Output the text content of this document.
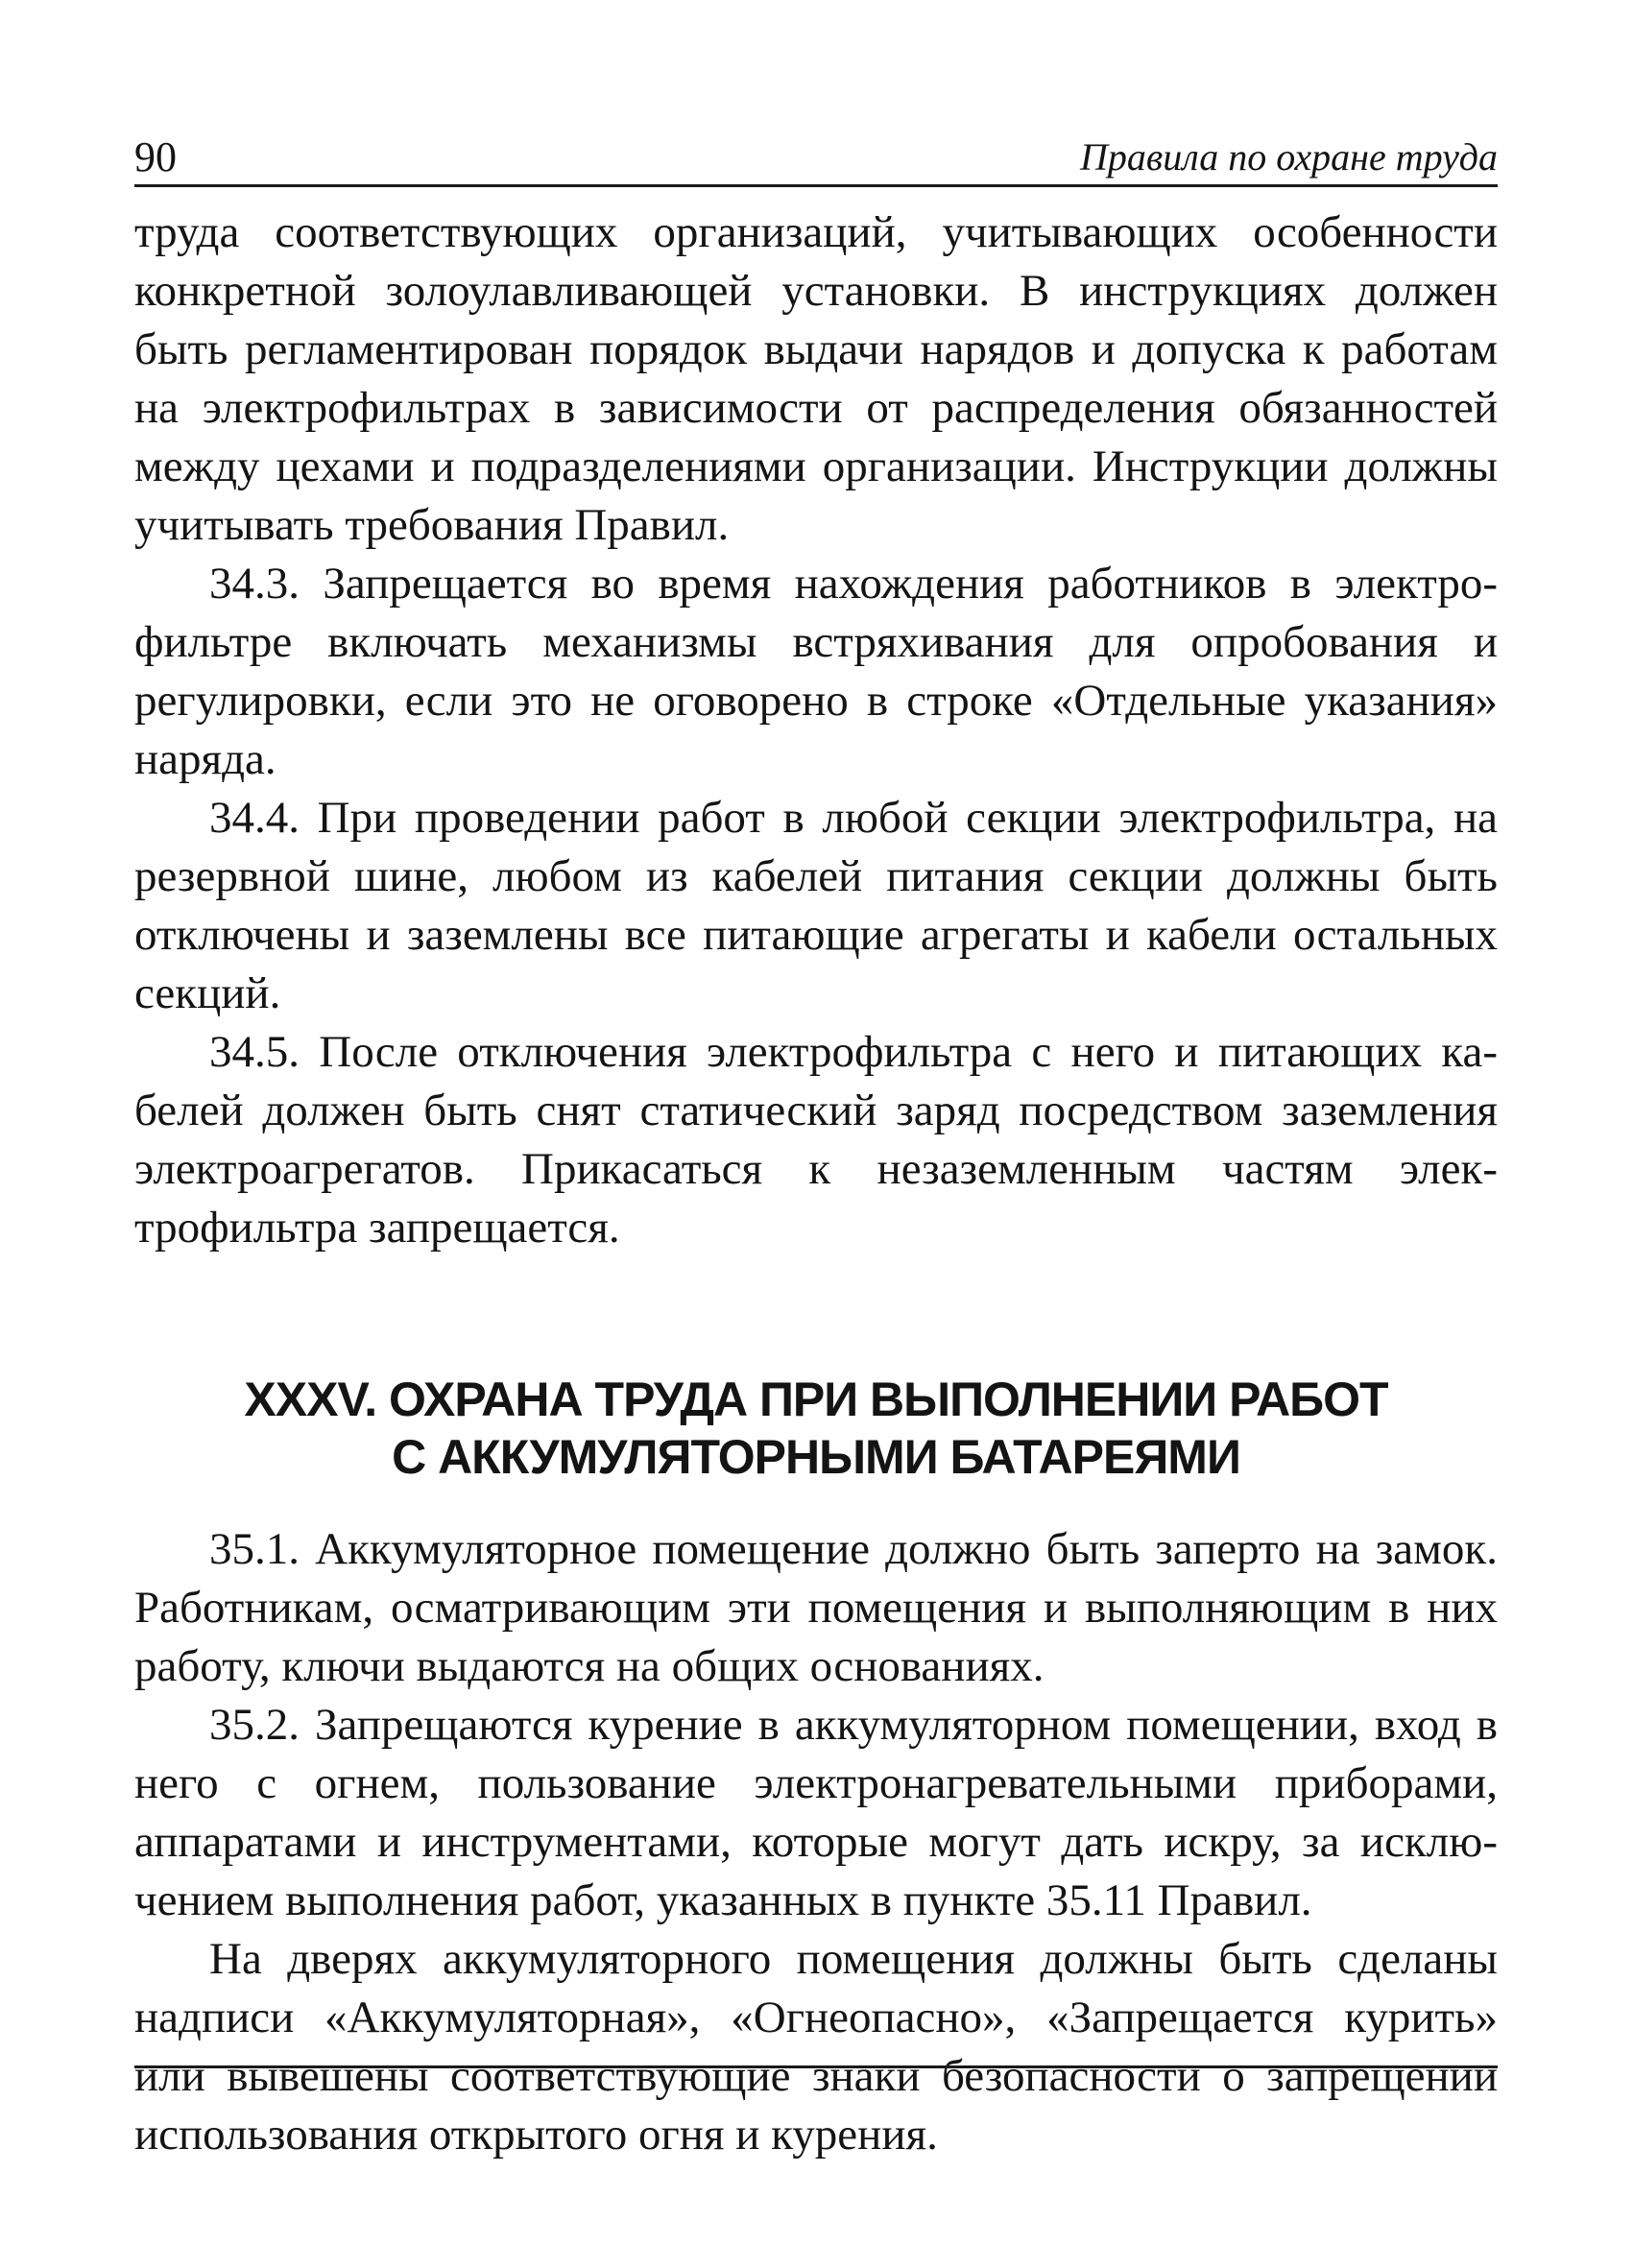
90	Правила по охране труда

труда соответствующих организаций, учитывающих особенности конкретной золоулавливающей установки. В инструкциях должен быть регламентирован порядок выдачи нарядов и допуска к работам на электрофильтрах в зависимости от распределения обязанностей между цехами и подразделениями организации. Инструкции должны учитывать требования Правил.

34.3. Запрещается во время нахождения работников в электрофильтре включать механизмы встряхивания для опробования и регулировки, если это не оговорено в строке «Отдельные указания» наряда.

34.4. При проведении работ в любой секции электрофильтра, на резервной шине, любом из кабелей питания секции должны быть отключены и заземлены все питающие агрегаты и кабели остальных секций.

34.5. После отключения электрофильтра с него и питающих кабелей должен быть снят статический заряд посредством заземления электроагрегатов. Прикасаться к незаземленным частям электрофильтра запрещается.

XXXV. ОХРАНА ТРУДА ПРИ ВЫПОЛНЕНИИ РАБОТ
С АККУМУЛЯТОРНЫМИ БАТАРЕЯМИ

35.1. Аккумуляторное помещение должно быть заперто на замок. Работникам, осматривающим эти помещения и выполняющим в них работу, ключи выдаются на общих основаниях.

35.2. Запрещаются курение в аккумуляторном помещении, вход в него с огнем, пользование электронагревательными приборами, аппаратами и инструментами, которые могут дать искру, за исключением выполнения работ, указанных в пункте 35.11 Правил.

На дверях аккумуляторного помещения должны быть сделаны надписи «Аккумуляторная», «Огнеопасно», «Запрещается курить» или вывешены соответствующие знаки безопасности о запрещении использования открытого огня и курения.
